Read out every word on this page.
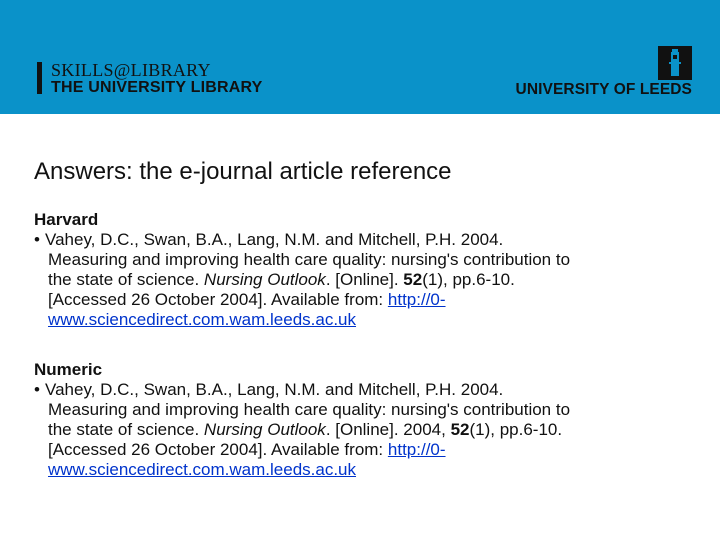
SKILLS@LIBRARY
THE UNIVERSITY LIBRARY	UNIVERSITY OF LEEDS
Answers: the e-journal article reference
Harvard
• Vahey, D.C., Swan, B.A., Lang, N.M. and Mitchell, P.H. 2004.
Measuring and improving health care quality: nursing's contribution to
the state of science. Nursing Outlook. [Online]. 52(1), pp.6-10.
[Accessed 26 October 2004]. Available from: http://0-
www.sciencedirect.com.wam.leeds.ac.uk
Numeric
• Vahey, D.C., Swan, B.A., Lang, N.M. and Mitchell, P.H. 2004.
Measuring and improving health care quality: nursing's contribution to
the state of science. Nursing Outlook. [Online]. 2004, 52(1), pp.6-10.
[Accessed 26 October 2004]. Available from: http://0-
www.sciencedirect.com.wam.leeds.ac.uk
